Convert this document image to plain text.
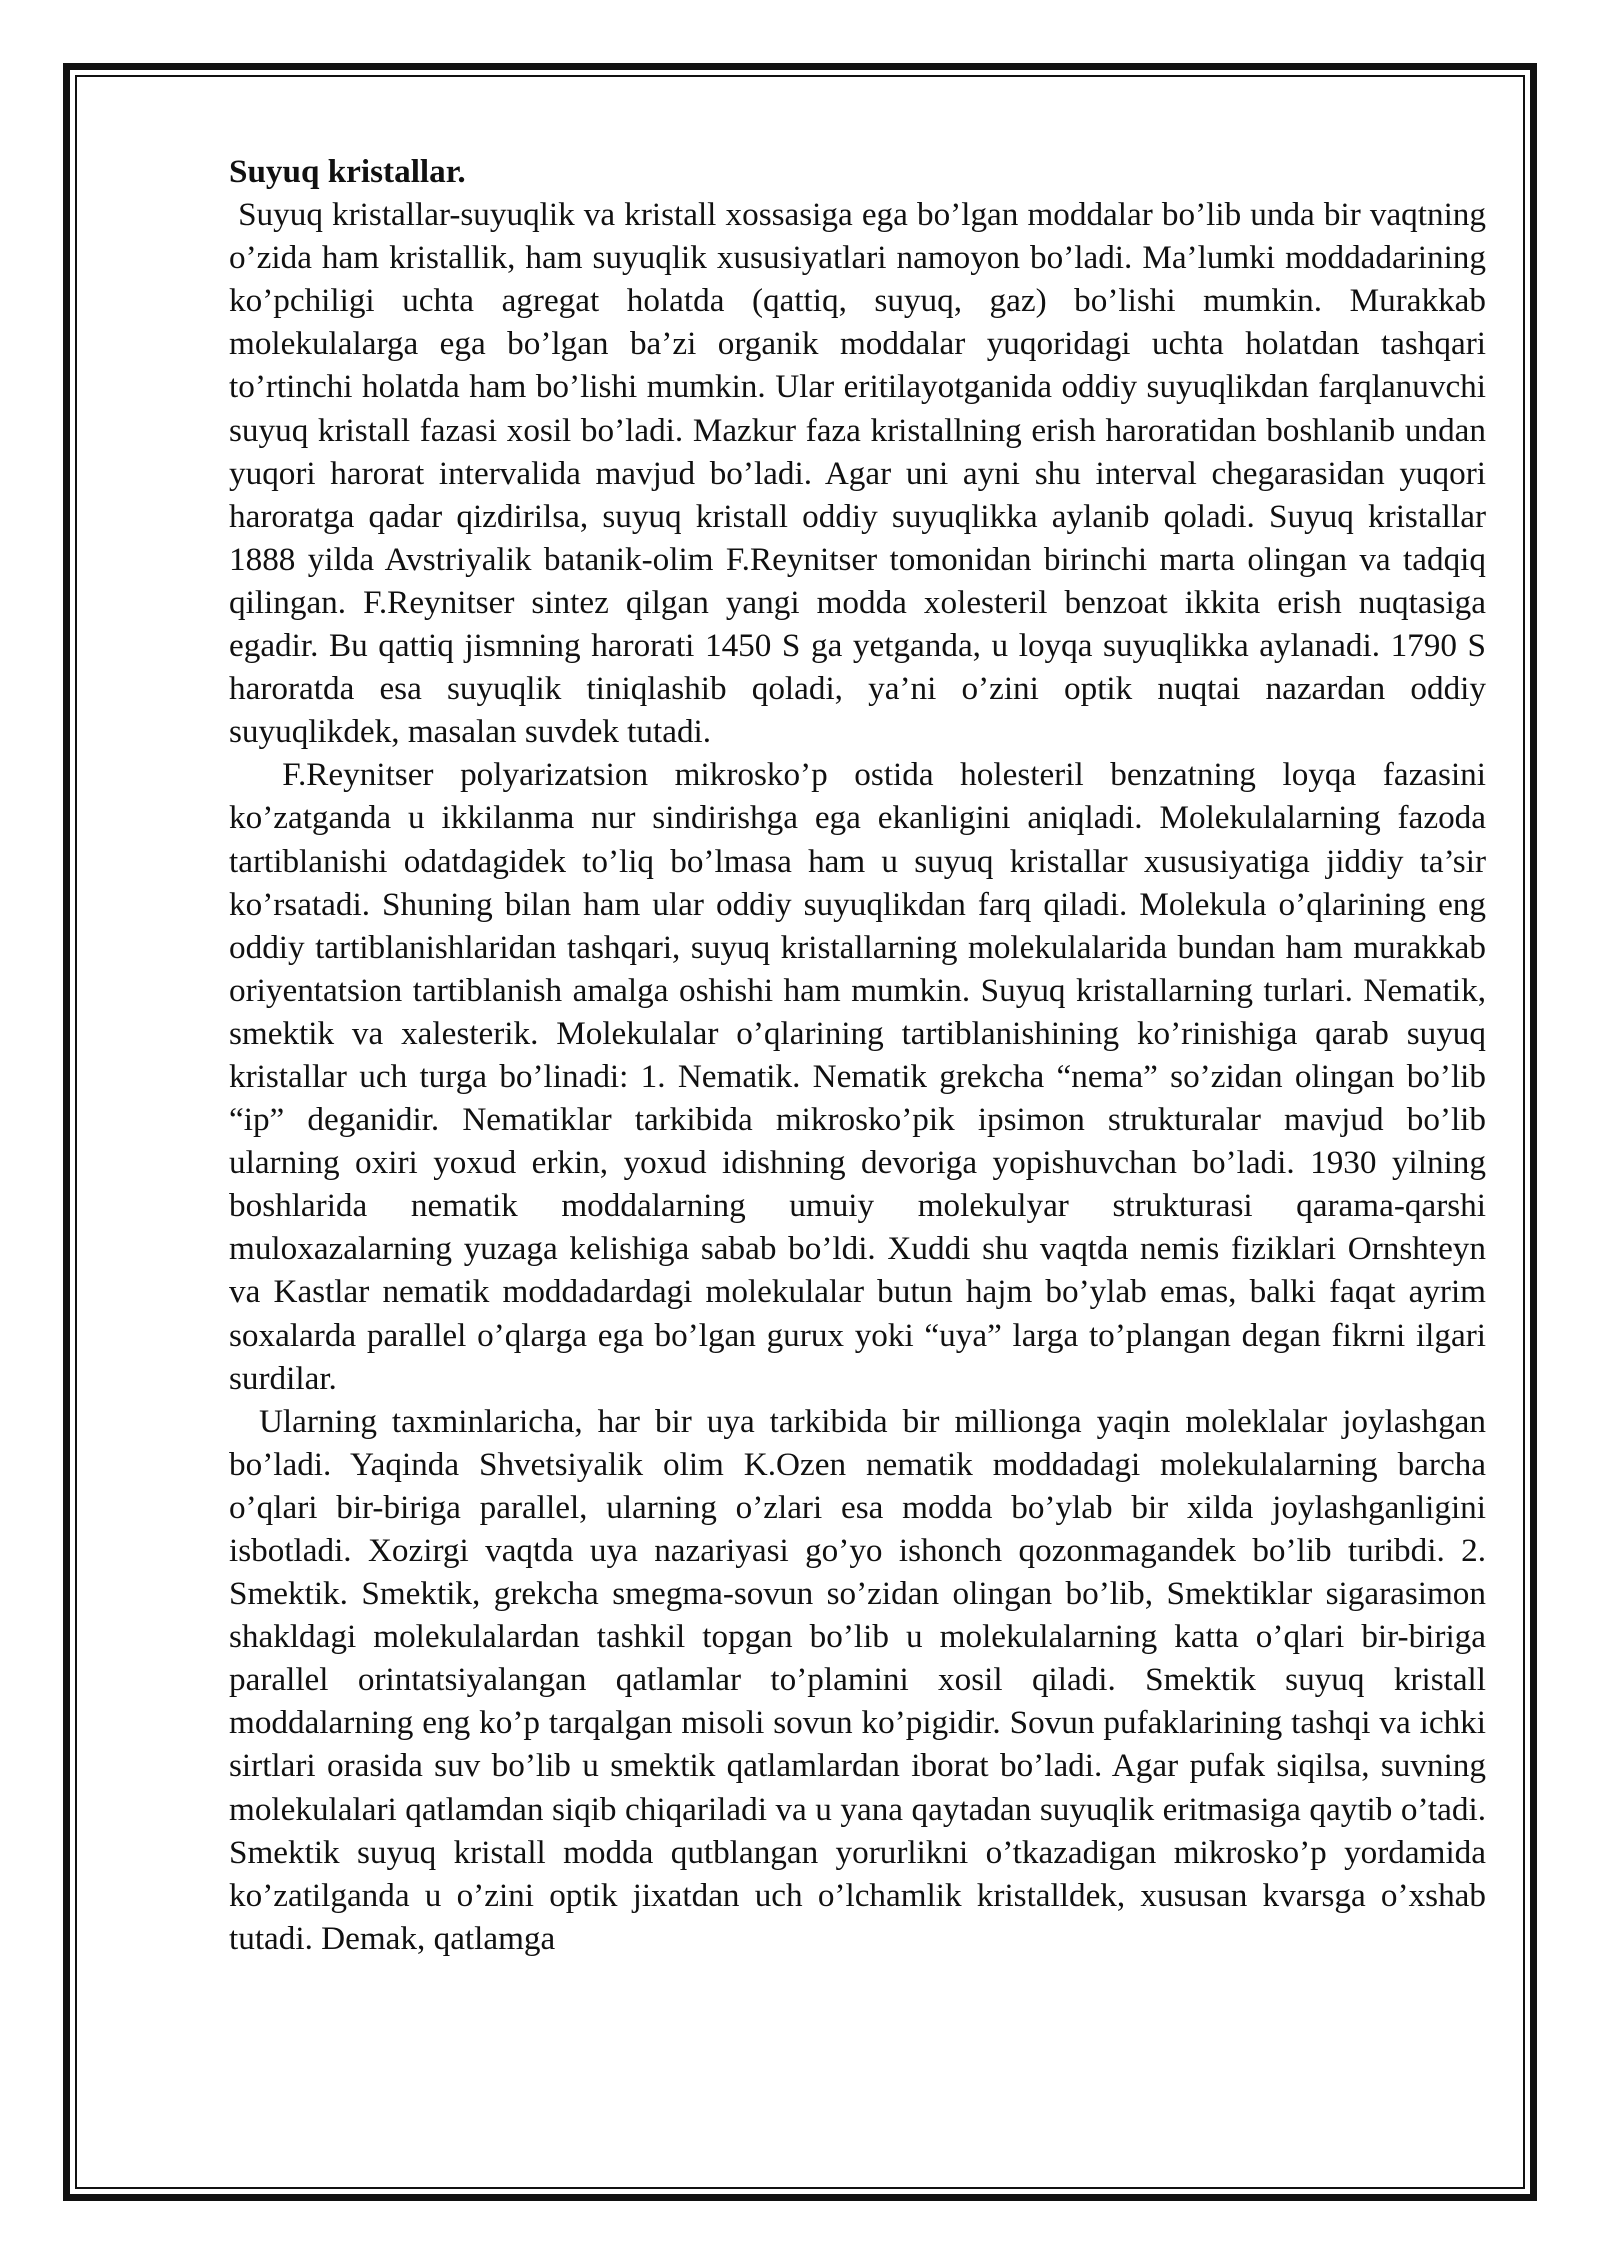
Suyuq kristallar.

Suyuq kristallar-suyuqlik va kristall xossasiga ega bo’lgan moddalar bo’lib unda bir vaqtning o’zida ham kristallik, ham suyuqlik xususiyatlari namoyon bo’ladi. Ma’lumki moddadarining ko’pchiligi uchta agregat holatda (qattiq, suyuq, gaz) bo’lishi mumkin. Murakkab molekulalarga ega bo’lgan ba’zi organik moddalar yuqoridagi uchta holatdan tashqari to’rtinchi holatda ham bo’lishi mumkin. Ular eritilayotganida oddiy suyuqlikdan farqlanuvchi suyuq kristall fazasi xosil bo’ladi. Mazkur faza kristallning erish haroratidan boshlanib undan yuqori harorat intervalida mavjud bo’ladi. Agar uni ayni shu interval chegarasidan yuqori haroratga qadar qizdirilsa, suyuq kristall oddiy suyuqlikka aylanib qoladi. Suyuq kristallar 1888 yilda Avstriyalik batanik-olim F.Reynitser tomonidan birinchi marta olingan va tadqiq qilingan. F.Reynitser sintez qilgan yangi modda xolesteril benzoat ikkita erish nuqtasiga egadir. Bu qattiq jismning harorati 1450 S ga yetganda, u loyqa suyuqlikka aylanadi. 1790 S haroratda esa suyuqlik tiniqlashib qoladi, ya’ni o’zini optik nuqtai nazardan oddiy suyuqlikdek, masalan suvdek tutadi.

F.Reynitser polyarizatsion mikrosko’p ostida holesteril benzatning loyqa fazasini ko’zatganda u ikkilanma nur sindirishga ega ekanligini aniqladi. Molekulalarning fazoda tartiblanishi odatdagidek to’liq bo’lmasa ham u suyuq kristallar xususiyatiga jiddiy ta’sir ko’rsatadi. Shuning bilan ham ular oddiy suyuqlikdan farq qiladi. Molekula o’qlarining eng oddiy tartiblanishlaridan tashqari, suyuq kristallarning molekulalarida bundan ham murakkab oriyentatsion tartiblanish amalga oshishi ham mumkin. Suyuq kristallarning turlari. Nematik, smektik va xalesterik. Molekulalar o’qlarining tartiblanishining ko’rinishiga qarab suyuq kristallar uch turga bo’linadi: 1. Nematik. Nematik grekcha “nema” so’zidan olingan bo’lib “ip” deganidir. Nematiklar tarkibida mikrosko’pik ipsimon strukturalar mavjud bo’lib ularning oxiri yoxud erkin, yoxud idishning devoriga yopishuvchan bo’ladi. 1930 yilning boshlarida nematik moddalarning umuiy molekulyar strukturasi qarama-qarshi muloxazalarning yuzaga kelishiga sabab bo’ldi. Xuddi shu vaqtda nemis fiziklari Ornshteyn va Kastlar nematik moddadardagi molekulalar butun hajm bo’ylab emas, balki faqat ayrim soxalarda parallel o’qlarga ega bo’lgan gurux yoki “uya” larga to’plangan degan fikrni ilgari surdilar.

Ularning taxminlaricha, har bir uya tarkibida bir millionga yaqin moleklalar joylashgan bo’ladi. Yaqinda Shvetsiyalik olim K.Ozen nematik moddadagi molekulalarning barcha o’qlari bir-biriga parallel, ularning o’zlari esa modda bo’ylab bir xilda joylashganligini isbotladi. Xozirgi vaqtda uya nazariyasi go’yo ishonch qozonmagandek bo’lib turibdi. 2. Smektik. Smektik, grekcha smegma-sovun so’zidan olingan bo’lib, Smektiklar sigarasimon shakldagi molekulalardan tashkil topgan bo’lib u molekulalarning katta o’qlari bir-biriga parallel orintatsiyalangan qatlamlar to’plamini xosil qiladi. Smektik suyuq kristall moddalarning eng ko’p tarqalgan misoli sovun ko’pigidir. Sovun pufaklarining tashqi va ichki sirtlari orasida suv bo’lib u smektik qatlamlardan iborat bo’ladi. Agar pufak siqilsa, suvning molekulalari qatlamdan siqib chiqariladi va u yana qaytadan suyuqlik eritmasiga qaytib o’tadi. Smektik suyuq kristall modda qutblangan yorurlikni o’tkazadigan mikrosko’p yordamida ko’zatilganda u o’zini optik jixatdan uch o’lchamlik kristalldek, xususan kvarsga o’xshab tutadi. Demak, qatlamga
